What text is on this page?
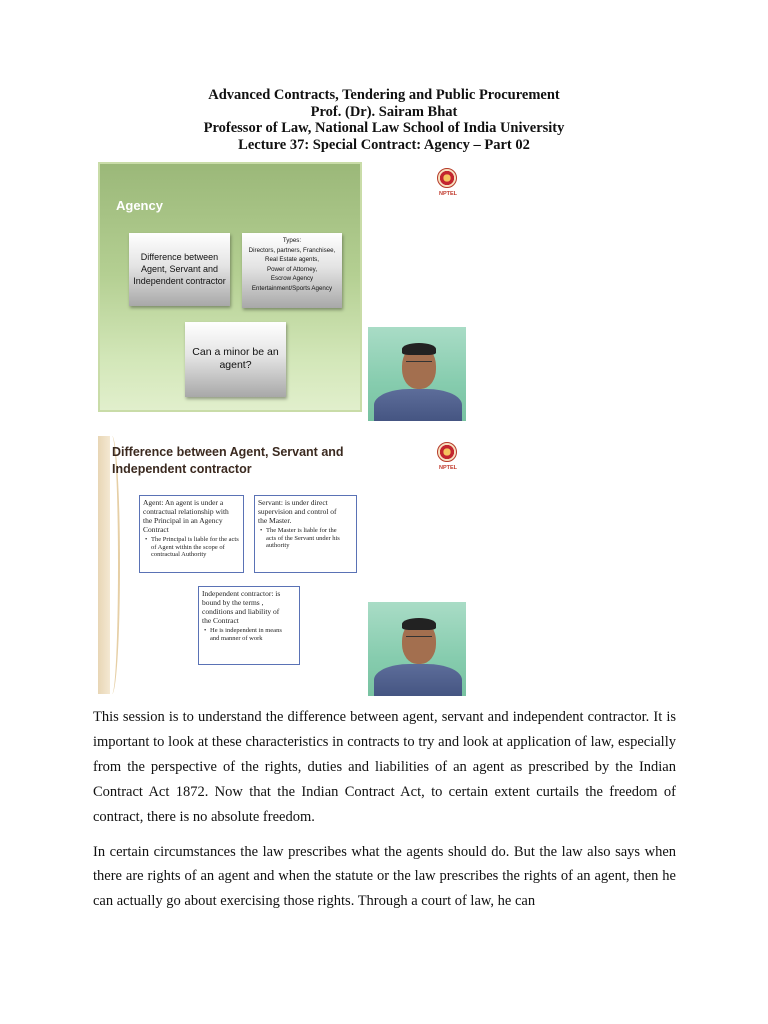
Advanced Contracts, Tendering and Public Procurement
Prof. (Dr). Sairam Bhat
Professor of Law, National Law School of India University
Lecture 37: Special Contract: Agency – Part 02
Agency
Difference between
Agent, Servant and
Independent contractor
Types:
Directors, partners, Franchisee,
Real Estate agents,
Power of Attorney,
Escrow Agency
Entertainment/Sports Agency
Can a minor be an
agent?
NPTEL
Difference between Agent, Servant and
Independent contractor	NPTEL
Agent: An agent is under a
contractual relationship with
the Principal in an Agency
Contract
• The Principal is liable for the acts
of Agent within the scope of
contractual Authority
Servant: is under direct
supervision and control of
the Master.
• The Master is liable for the
acts of the Servant under his
authority
Independent contractor: is
bound by the terms ,
conditions and liability of
the Contract
• He is independent in means
and manner of work

This session is to understand the difference between agent, servant and independent contractor. It is important to look at these characteristics in contracts to try and look at application of law, especially from the perspective of the rights, duties and liabilities of an agent as prescribed by the Indian Contract Act 1872. Now that the Indian Contract Act, to certain extent curtails the freedom of contract, there is no absolute freedom.

In certain circumstances the law prescribes what the agents should do. But the law also says when there are rights of an agent and when the statute or the law prescribes the rights of an agent, then he can actually go about exercising those rights. Through a court of law, he can
